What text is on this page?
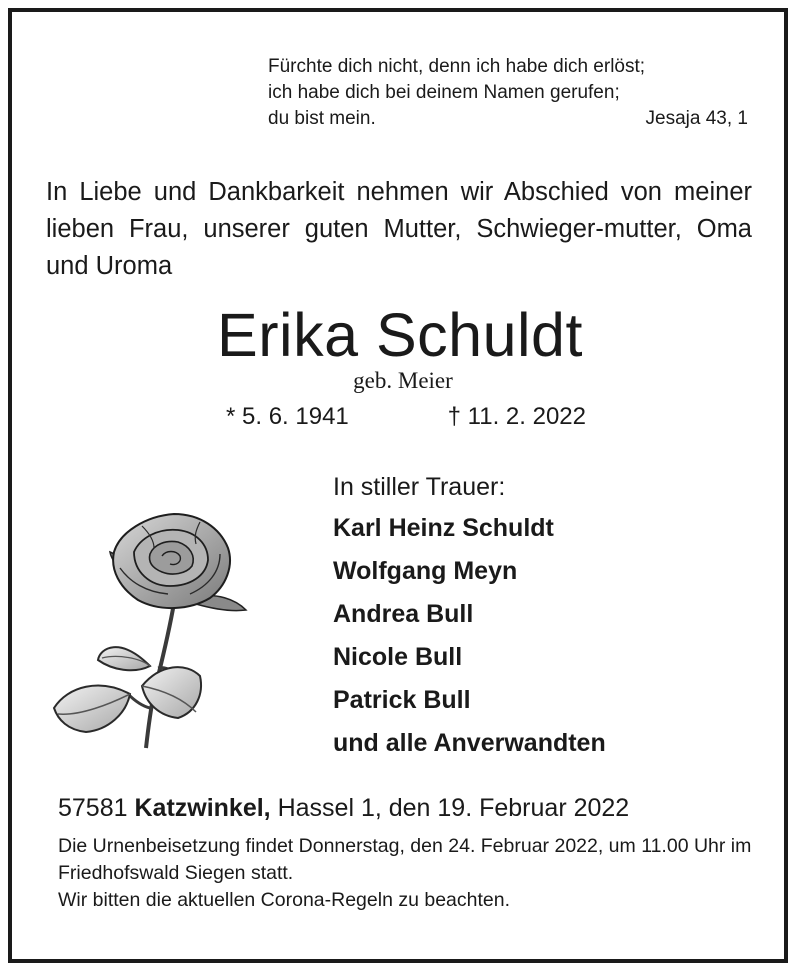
Fürchte dich nicht, denn ich habe dich erlöst;
ich habe dich bei deinem Namen gerufen;
du bist mein.	Jesaja 43, 1
In Liebe und Dankbarkeit nehmen wir Abschied von meiner lieben Frau, unserer guten Mutter, Schwieger-mutter, Oma und Uroma
Erika Schuldt
geb. Meier
* 5. 6. 1941	† 11. 2. 2022
In stiller Trauer:
Karl Heinz Schuldt
Wolfgang Meyn
Andrea Bull
Nicole Bull
Patrick Bull
und alle Anverwandten
57581 Katzwinkel, Hassel 1, den 19. Februar 2022

Die Urnenbeisetzung findet Donnerstag, den 24. Februar 2022, um 11.00 Uhr im Friedhofswald Siegen statt.

Wir bitten die aktuellen Corona-Regeln zu beachten.
